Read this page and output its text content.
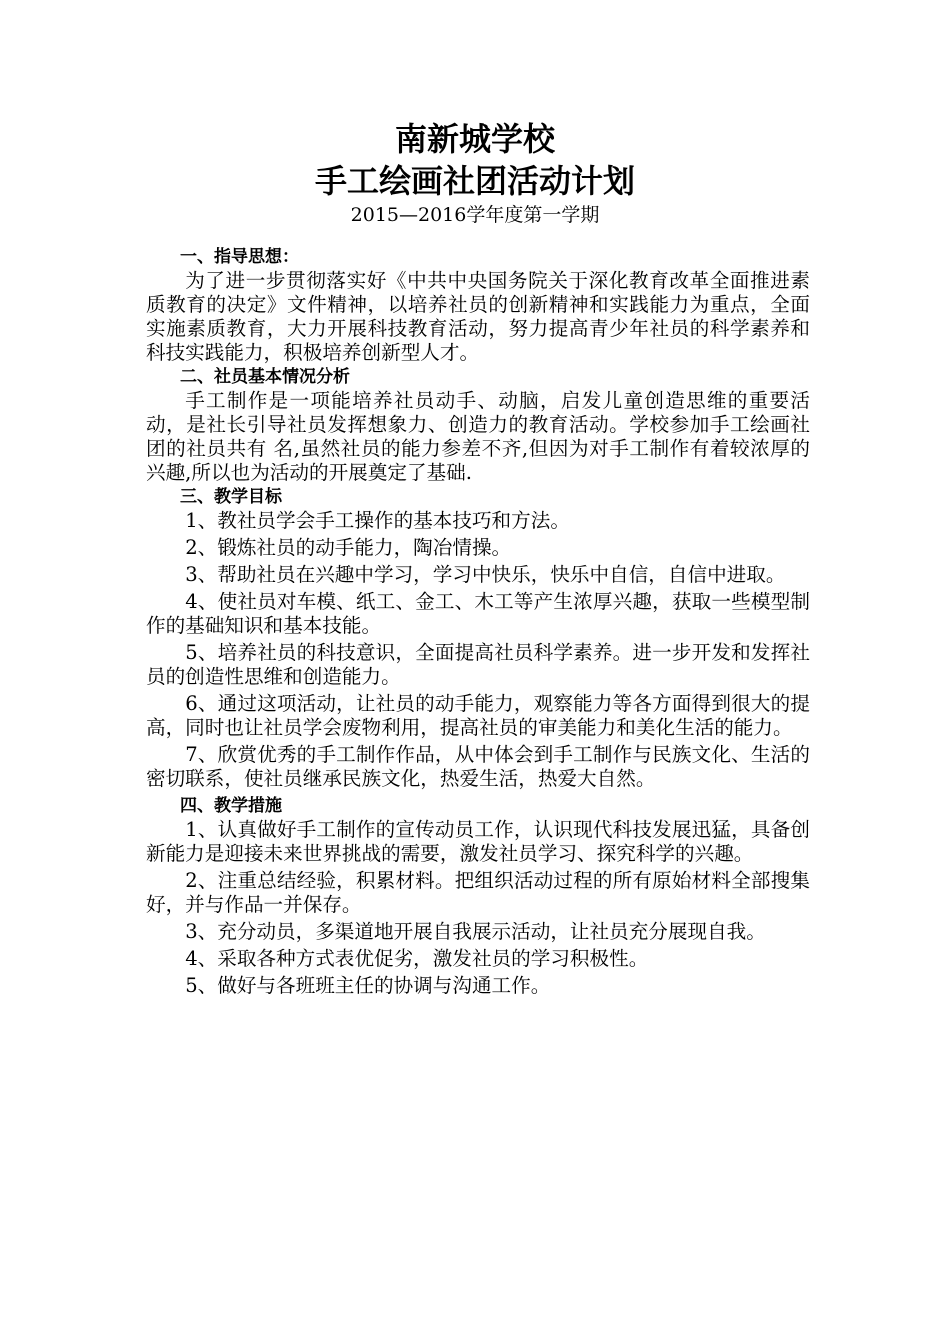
南新城学校

手工绘画社团活动计划

2015—2016学年度第一学期

一、指导思想：

为了进一步贯彻落实好《中共中央国务院关于深化教育改革全面推进素质教育的决定》文件精神，以培养社员的创新精神和实践能力为重点，全面实施素质教育，大力开展科技教育活动，努力提高青少年社员的科学素养和科技实践能力，积极培养创新型人才。

二、社员基本情况分析

手工制作是一项能培养社员动手、动脑，启发儿童创造思维的重要活动，是社长引导社员发挥想象力、创造力的教育活动。学校参加手工绘画社团的社员共有 名,虽然社员的能力参差不齐,但因为对手工制作有着较浓厚的兴趣,所以也为活动的开展奠定了基础.

三、教学目标

1、教社员学会手工操作的基本技巧和方法。

2、锻炼社员的动手能力，陶冶情操。

3、帮助社员在兴趣中学习，学习中快乐，快乐中自信，自信中进取。

4、使社员对车模、纸工、金工、木工等产生浓厚兴趣，获取一些模型制作的基础知识和基本技能。

5、培养社员的科技意识，全面提高社员科学素养。进一步开发和发挥社员的创造性思维和创造能力。

6、通过这项活动，让社员的动手能力，观察能力等各方面得到很大的提高，同时也让社员学会废物利用，提高社员的审美能力和美化生活的能力。

7、欣赏优秀的手工制作作品，从中体会到手工制作与民族文化、生活的密切联系，使社员继承民族文化，热爱生活，热爱大自然。

四、教学措施

1、认真做好手工制作的宣传动员工作，认识现代科技发展迅猛，具备创新能力是迎接未来世界挑战的需要，激发社员学习、探究科学的兴趣。

2、注重总结经验，积累材料。把组织活动过程的所有原始材料全部搜集好，并与作品一并保存。

3、充分动员，多渠道地开展自我展示活动，让社员充分展现自我。

4、采取各种方式表优促劣，激发社员的学习积极性。

5、做好与各班班主任的协调与沟通工作。
